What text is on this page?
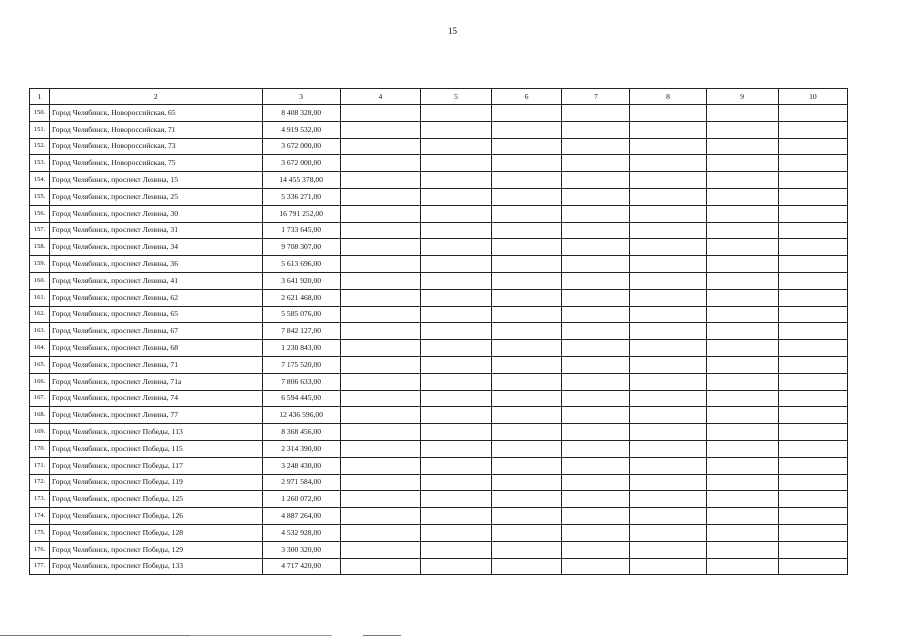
15
1	2	3	4	5	6	7	8	9	10
150.	Город Челябинск, Новороссийская, 65	8 408 328,00							
151.	Город Челябинск, Новороссийская, 71	4 919 532,00							
152.	Город Челябинск, Новороссийская, 73	3 672 000,00							
153.	Город Челябинск, Новороссийская, 75	3 672 000,00							
154.	Город Челябинск, проспект Ленина, 15	14 455 378,00							
155.	Город Челябинск, проспект Ленина, 25	5 336 271,00							
156.	Город Челябинск, проспект Ленина, 30	16 791 252,00							
157.	Город Челябинск, проспект Ленина, 31	1 733 645,00							
158.	Город Челябинск, проспект Ленина, 34	9 708 307,00							
159.	Город Челябинск, проспект Ленина, 36	5 613 696,00							
160.	Город Челябинск, проспект Ленина, 41	3 641 920,00							
161.	Город Челябинск, проспект Ленина, 62	2 621 468,00							
162.	Город Челябинск, проспект Ленина, 65	5 585 076,00							
163.	Город Челябинск, проспект Ленина, 67	7 842 127,00							
164.	Город Челябинск, проспект Ленина, 68	1 230 843,00							
165.	Город Челябинск, проспект Ленина, 71	7 175 520,00							
166.	Город Челябинск, проспект Ленина, 71а	7 806 633,00							
167.	Город Челябинск, проспект Ленина, 74	6 594 445,00							
168.	Город Челябинск, проспект Ленина, 77	12 436 596,00							
169.	Город Челябинск, проспект Победы, 113	8 368 456,00							
170.	Город Челябинск, проспект Победы, 115	2 314 390,00							
171.	Город Челябинск, проспект Победы, 117	3 248 430,00							
172.	Город Челябинск, проспект Победы, 119	2 971 584,00							
173.	Город Челябинск, проспект Победы, 125	1 260 072,00							
174.	Город Челябинск, проспект Победы, 126	4 887 264,00							
175.	Город Челябинск, проспект Победы, 128	4 532 928,00							
176.	Город Челябинск, проспект Победы, 129	3 300 320,00							
177.	Город Челябинск, проспект Победы, 133	4 717 420,00							
